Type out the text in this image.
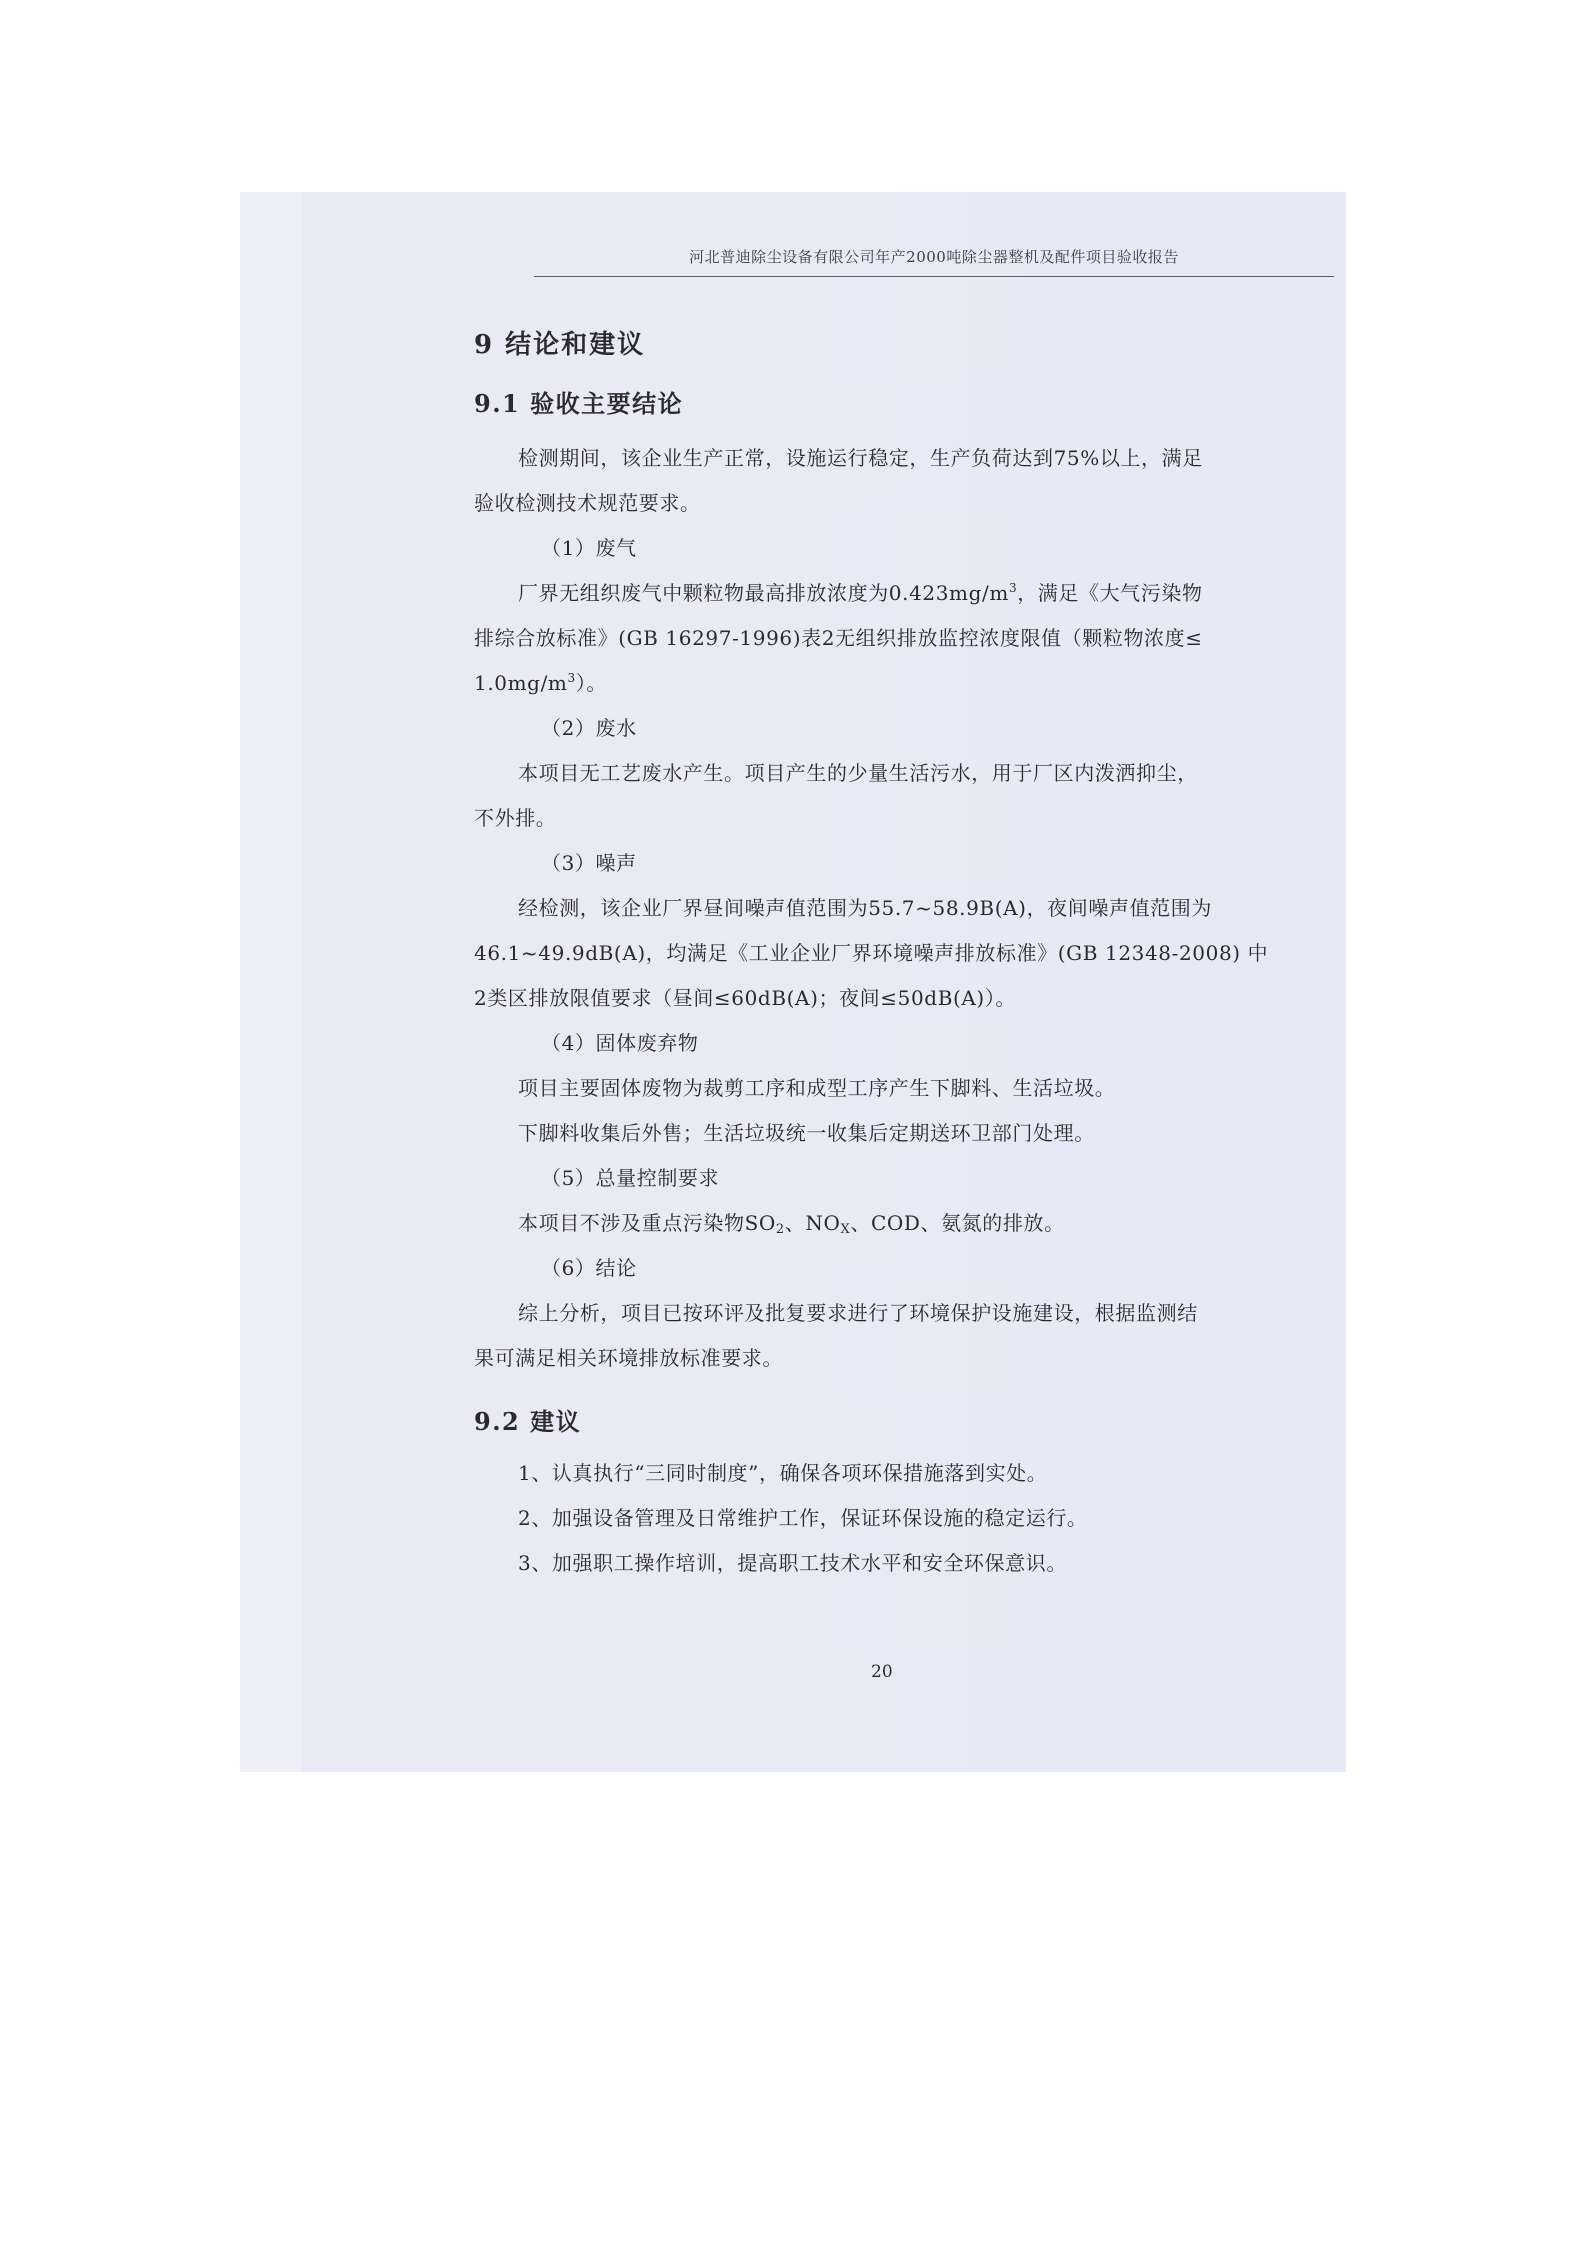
河北普迪除尘设备有限公司年产2000吨除尘器整机及配件项目验收报告
9 结论和建议
9.1 验收主要结论
检测期间，该企业生产正常，设施运行稳定，生产负荷达到75%以上，满足
验收检测技术规范要求。
（1）废气
厂界无组织废气中颗粒物最高排放浓度为$0.423mg/m^3$，满足《大气污染物
排综合放标准》(GB 16297-1996)表2无组织排放监控浓度限值（颗粒物浓度≤
$1.0mg/m^3$）。
（2）废水
本项目无工艺废水产生。项目产生的少量生活污水，用于厂区内泼洒抑尘，
不外排。
（3）噪声
经检测，该企业厂界昼间噪声值范围为55.7~58.9B(A)，夜间噪声值范围为
46.1~49.9dB(A)，均满足《工业企业厂界环境噪声排放标准》(GB 12348-2008) 中
2类区排放限值要求（昼间≤60dB(A)；夜间≤50dB(A)）。
（4）固体废弃物
项目主要固体废物为裁剪工序和成型工序产生下脚料、生活垃圾。
下脚料收集后外售；生活垃圾统一收集后定期送环卫部门处理。
（5）总量控制要求
本项目不涉及重点污染物$SO_2$、$NO_X$、COD、氨氮的排放。
（6）结论
综上分析，项目已按环评及批复要求进行了环境保护设施建设，根据监测结
果可满足相关环境排放标准要求。
9.2 建议
1、认真执行“三同时制度”，确保各项环保措施落到实处。
2、加强设备管理及日常维护工作，保证环保设施的稳定运行。
3、加强职工操作培训，提高职工技术水平和安全环保意识。
20
